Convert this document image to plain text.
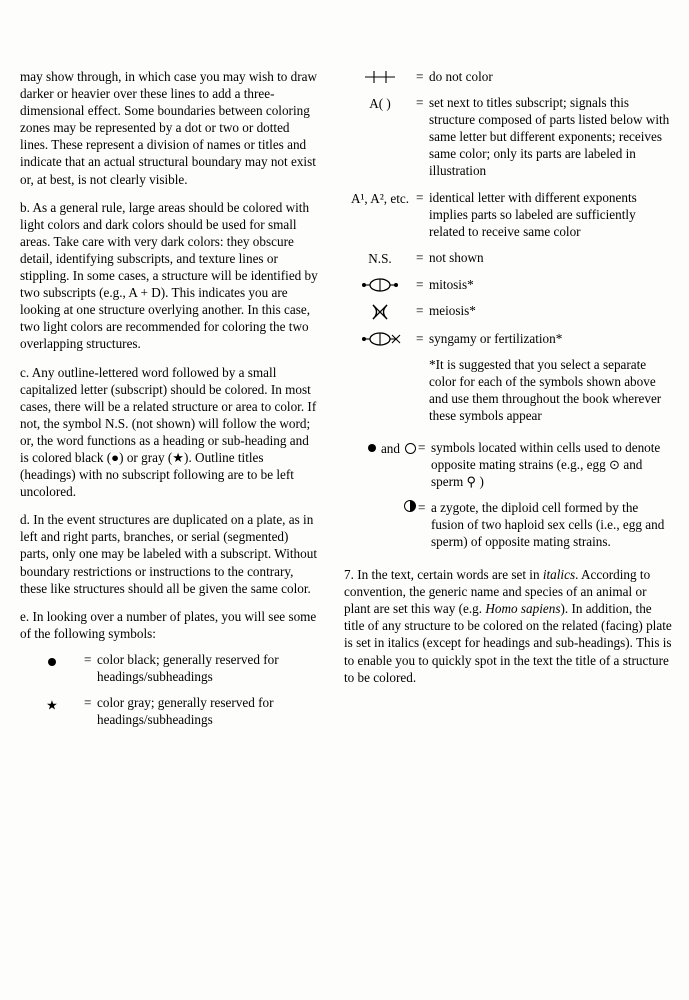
may show through, in which case you may wish to draw darker or heavier over these lines to add a three-dimensional effect. Some boundaries between coloring zones may be represented by a dot or two or dotted lines. These represent a division of names or titles and indicate that an actual structural boundary may not exist or, at best, is not clearly visible.

b. As a general rule, large areas should be colored with light colors and dark colors should be used for small areas. Take care with very dark colors: they obscure detail, identifying subscripts, and texture lines or stippling. In some cases, a structure will be identified by two subscripts (e.g., A + D). This indicates you are looking at one structure overlying another. In this case, two light colors are recommended for coloring the two overlapping structures.

c. Any outline-lettered word followed by a small capitalized letter (subscript) should be colored. In most cases, there will be a related structure or area to color. If not, the symbol N.S. (not shown) will follow the word; or, the word functions as a heading or sub-heading and is colored black (●) or gray (★). Outline titles (headings) with no subscript following are to be left uncolored.

d. In the event structures are duplicated on a plate, as in left and right parts, branches, or serial (segmented) parts, only one may be labeled with a subscript. Without boundary restrictions or instructions to the contrary, these like structures should all be given the same color.

e. In looking over a number of plates, you will see some of the following symbols:

= color black; generally reserved for headings/subheadings
★	= color gray; generally reserved for headings/subheadings
= do not color
A( )	= set next to titles subscript; signals this structure composed of parts listed below with same letter but different exponents; receives same color; only its parts are labeled in illustration
A¹, A², etc. = identical letter with different exponents implies parts so labeled are sufficiently related to receive same color
N.S.	= not shown
= mitosis*
= meiosis*
= syngamy or fertilization*
*It is suggested that you select a separate color for each of the symbols shown above and use them throughout the book wherever these symbols appear
and = symbols located within cells used to denote opposite mating strains (e.g., egg ⊙ and sperm ⚲ )
= a zygote, the diploid cell formed by the fusion of two haploid sex cells (i.e., egg and sperm) of opposite mating strains.

7. In the text, certain words are set in italics. According to convention, the generic name and species of an animal or plant are set this way (e.g. Homo sapiens). In addition, the title of any structure to be colored on the related (facing) plate is set in italics (except for headings and sub-headings). This is to enable you to quickly spot in the text the title of a structure to be colored.
